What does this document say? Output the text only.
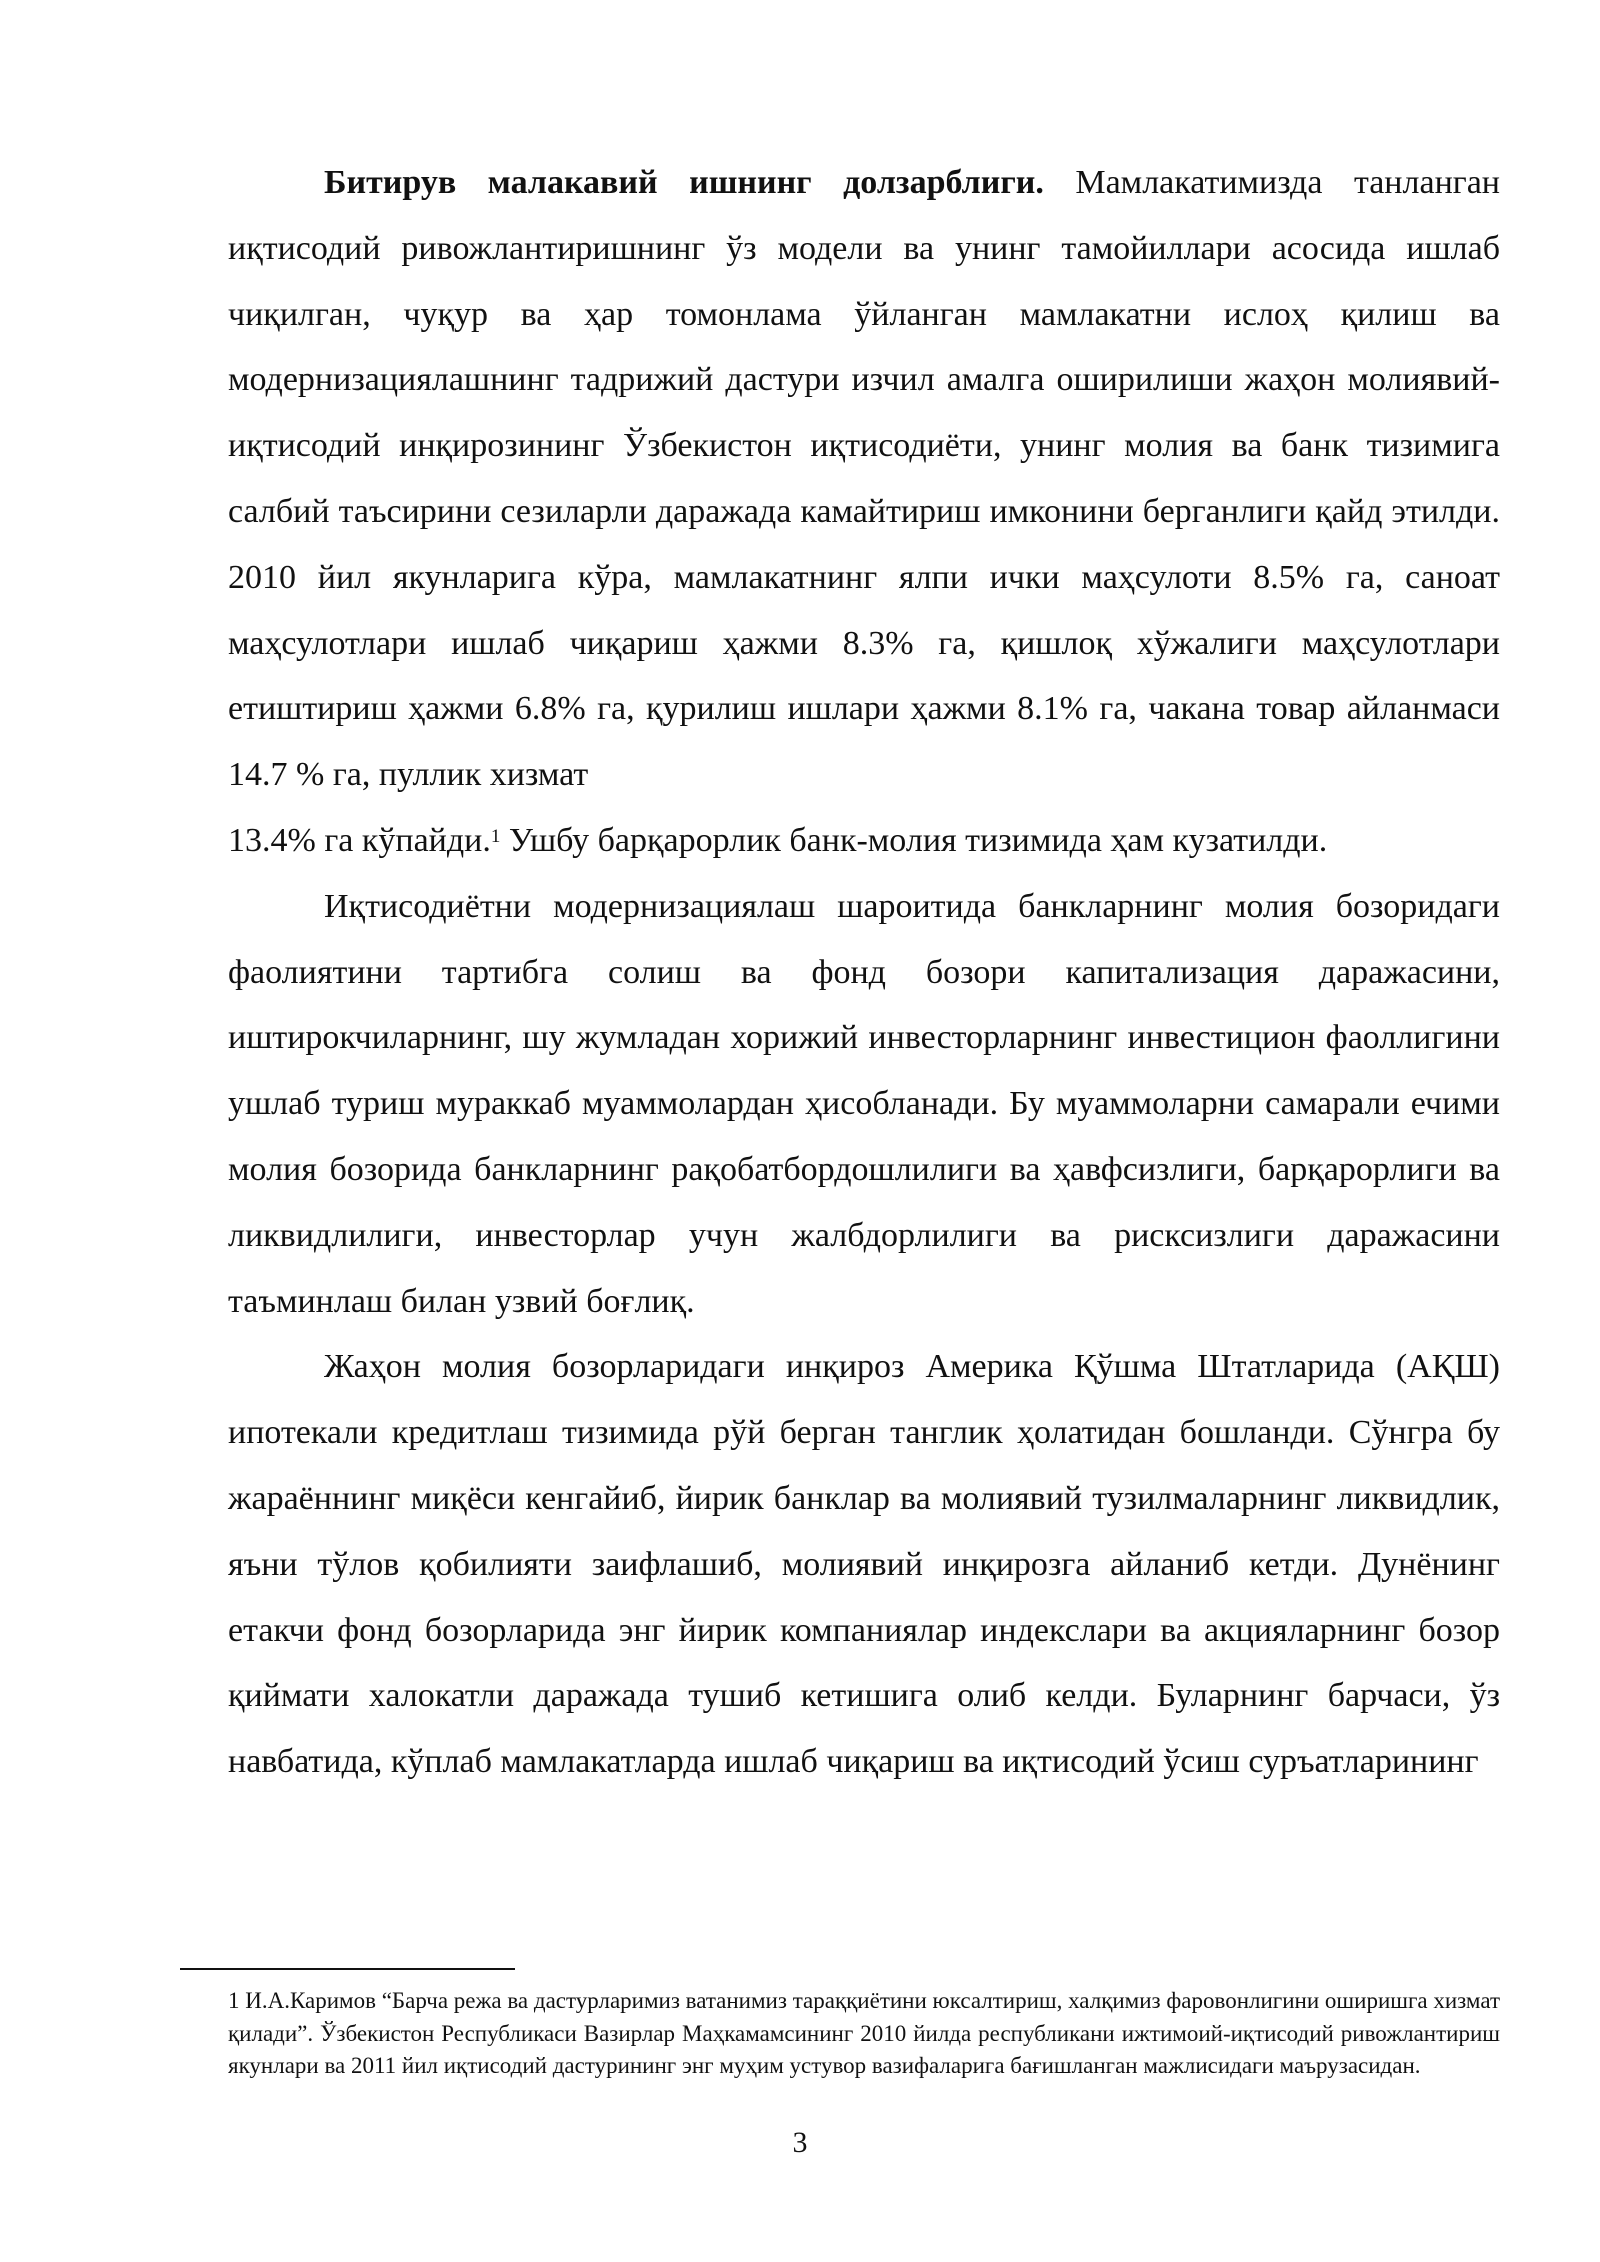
Битирув малакавий ишнинг долзарблиги. Мамлакатимизда танланган иқтисодий ривожлантиришнинг ўз модели ва унинг тамойиллари асосида ишлаб чиқилган, чуқур ва ҳар томонлама ўйланган мамлакатни ислоҳ қилиш ва модернизациялашнинг тадрижий дастури изчил амалга оширилиши жаҳон молиявий-иқтисодий инқирозининг Ўзбекистон иқтисодиёти, унинг молия ва банк тизимига салбий таъсирини сезиларли даражада камайтириш имконини берганлиги қайд этилди. 2010 йил якунларига кўра, мамлакатнинг ялпи ички маҳсулоти 8.5% га, саноат маҳсулотлари ишлаб чиқариш ҳажми 8.3% га, қишлоқ хўжалиги маҳсулотлари етиштириш ҳажми 6.8% га, қурилиш ишлари ҳажми 8.1% га, чакана товар айланмаси 14.7 % га, пуллик хизмат

13.4% га кўпайди.$^1$ Ушбу барқарорлик банк-молия тизимида ҳам кузатилди.

Иқтисодиётни модернизациялаш шароитида банкларнинг молия бозоридаги фаолиятини тартибга солиш ва фонд бозори капитализация даражасини, иштирокчиларнинг, шу жумладан хорижий инвесторларнинг инвестицион фаоллигини ушлаб туриш мураккаб муаммолардан ҳисобланади. Бу муаммоларни самарали ечими молия бозорида банкларнинг рақобатбордошлилиги ва ҳавфсизлиги, барқарорлиги ва ликвидлилиги, инвесторлар учун жалбдорлилиги ва рисксизлиги даражасини таъминлаш билан узвий боғлиқ.

Жаҳон молия бозорларидаги инқироз Америка Қўшма Штатларида (АҚШ) ипотекали кредитлаш тизимида рўй берган танглик ҳолатидан бошланди. Сўнгра бу жараённинг миқёси кенгайиб, йирик банклар ва молиявий тузилмаларнинг ликвидлик, яъни тўлов қобилияти заифлашиб, молиявий инқирозга айланиб кетди. Дунёнинг етакчи фонд бозорларида энг йирик компаниялар индекслари ва акцияларнинг бозор қиймати халокатли даражада тушиб кетишига олиб келди. Буларнинг барчаси, ўз навбатида, кўплаб мамлакатларда ишлаб чиқариш ва иқтисодий ўсиш суръатларининг

1 И.А.Каримов “Барча режа ва дастурларимиз ватанимиз тараққиётини юксалтириш, халқимиз фаровонлигини оширишга хизмат қилади”. Ўзбекистон Республикаси Вазирлар Маҳкамамсининг 2010 йилда республикани ижтимоий-иқтисодий ривожлантириш якунлари ва 2011 йил иқтисодий дастурининг энг муҳим устувор вазифаларига бағишланган мажлисидаги маърузасидан.

3
